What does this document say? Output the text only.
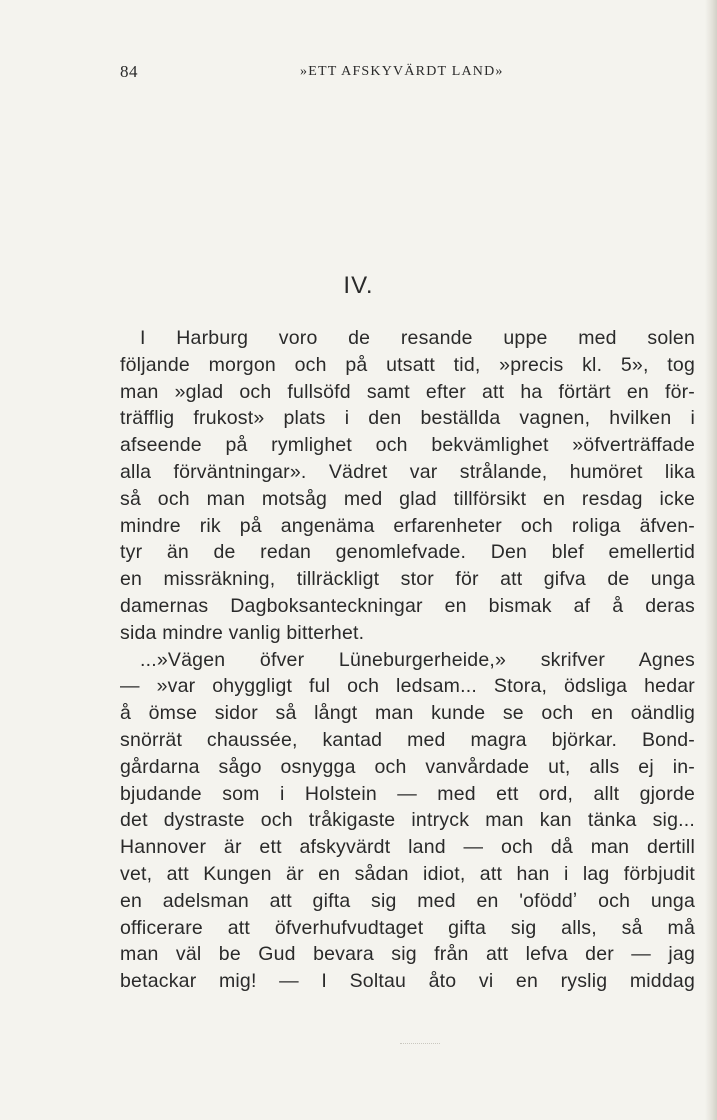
84	»ETT AFSKYVÄRDT LAND»
IV.
I Harburg voro de resande uppe med solen
följande morgon och på utsatt tid, »precis kl. 5», tog
man »glad och fullsöfd samt efter att ha förtärt en för-
träfflig frukost» plats i den beställda vagnen, hvilken i
afseende på rymlighet och bekvämlighet »öfverträffade
alla förväntningar». Vädret var strålande, humöret lika
så och man motsåg med glad tillförsikt en resdag icke
mindre rik på angenäma erfarenheter och roliga äfven-
tyr än de redan genomlefvade. Den blef emellertid
en missräkning, tillräckligt stor för att gifva de unga
damernas Dagboksanteckningar en bismak af å deras
sida mindre vanlig bitterhet.
...»Vägen öfver Lüneburgerheide,» skrifver Agnes
— »var ohyggligt ful och ledsam... Stora, ödsliga hedar
å ömse sidor så långt man kunde se och en oändlig
snörrät chaussée, kantad med magra björkar. Bond-
gårdarna sågo osnygga och vanvårdade ut, alls ej in-
bjudande som i Holstein — med ett ord, allt gjorde
det dystraste och tråkigaste intryck man kan tänka sig...
Hannover är ett afskyvärdt land — och då man dertill
vet, att Kungen är en sådan idiot, att han i lag förbjudit
en adelsman att gifta sig med en 'oföddʼ och unga
officerare att öfverhufvudtaget gifta sig alls, så må
man väl be Gud bevara sig från att lefva der — jag
betackar mig! — I Soltau åto vi en ryslig middag
